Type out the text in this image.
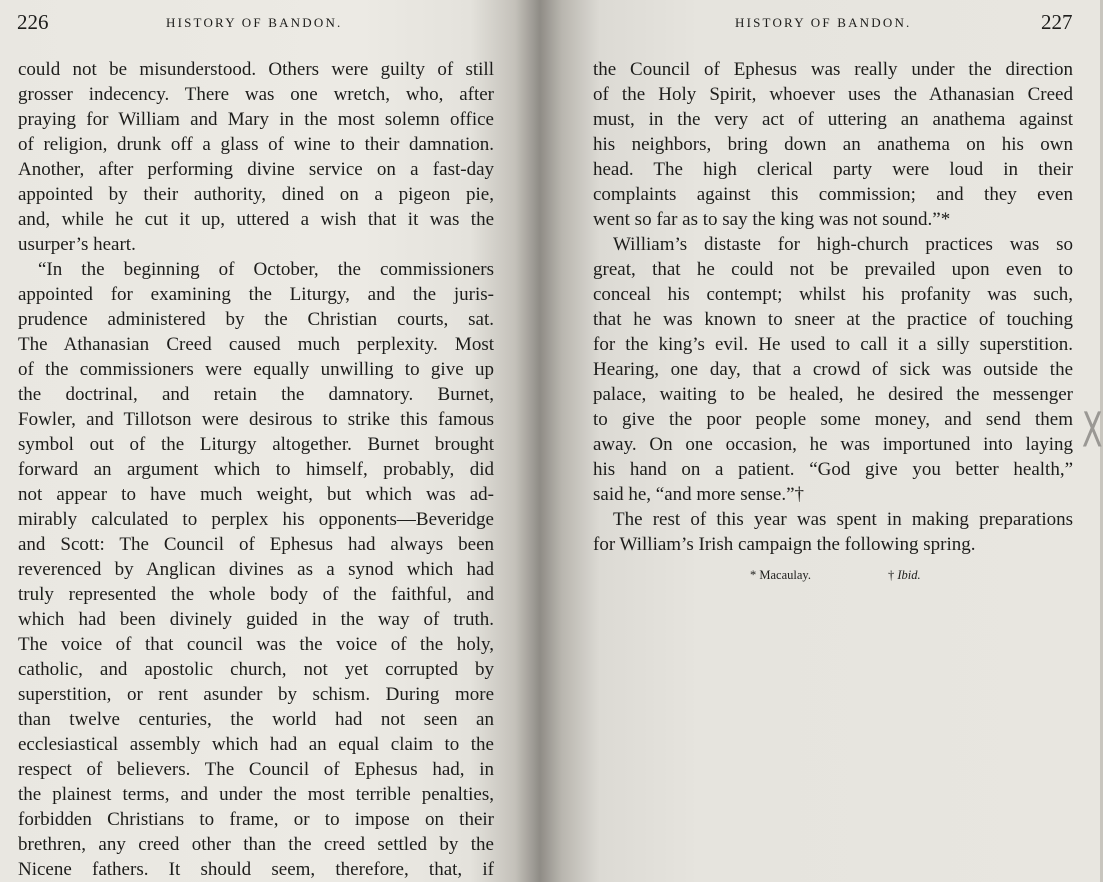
226	HISTORY OF BANDON.
could not be misunderstood. Others were guilty of still
grosser indecency. There was one wretch, who, after
praying for William and Mary in the most solemn office
of religion, drunk off a glass of wine to their damnation.
Another, after performing divine service on a fast-day
appointed by their authority, dined on a pigeon pie,
and, while he cut it up, uttered a wish that it was the
usurper’s heart.
“In the beginning of October, the commissioners
appointed for examining the Liturgy, and the juris-
prudence administered by the Christian courts, sat.
The Athanasian Creed caused much perplexity. Most
of the commissioners were equally unwilling to give up
the doctrinal, and retain the damnatory. Burnet,
Fowler, and Tillotson were desirous to strike this famous
symbol out of the Liturgy altogether. Burnet brought
forward an argument which to himself, probably, did
not appear to have much weight, but which was ad-
mirably calculated to perplex his opponents—Beveridge
and Scott: The Council of Ephesus had always been
reverenced by Anglican divines as a synod which had
truly represented the whole body of the faithful, and
which had been divinely guided in the way of truth.
The voice of that council was the voice of the holy,
catholic, and apostolic church, not yet corrupted by
superstition, or rent asunder by schism. During more
than twelve centuries, the world had not seen an
ecclesiastical assembly which had an equal claim to the
respect of believers. The Council of Ephesus had, in
the plainest terms, and under the most terrible penalties,
forbidden Christians to frame, or to impose on their
brethren, any creed other than the creed settled by the
Nicene fathers. It should seem, therefore, that, if
HISTORY OF BANDON.	227
the Council of Ephesus was really under the direction
of the Holy Spirit, whoever uses the Athanasian Creed
must, in the very act of uttering an anathema against
his neighbors, bring down an anathema on his own
head. The high clerical party were loud in their
complaints against this commission; and they even
went so far as to say the king was not sound.”*
William’s distaste for high-church practices was so
great, that he could not be prevailed upon even to
conceal his contempt; whilst his profanity was such,
that he was known to sneer at the practice of touching
for the king’s evil. He used to call it a silly superstition.
Hearing, one day, that a crowd of sick was outside the
palace, waiting to be healed, he desired the messenger
to give the poor people some money, and send them
away. On one occasion, he was importuned into laying
his hand on a patient. “God give you better health,”
said he, “and more sense.”†
The rest of this year was spent in making preparations
for William’s Irish campaign the following spring.
* Macaulay.	† Ibid.
X
